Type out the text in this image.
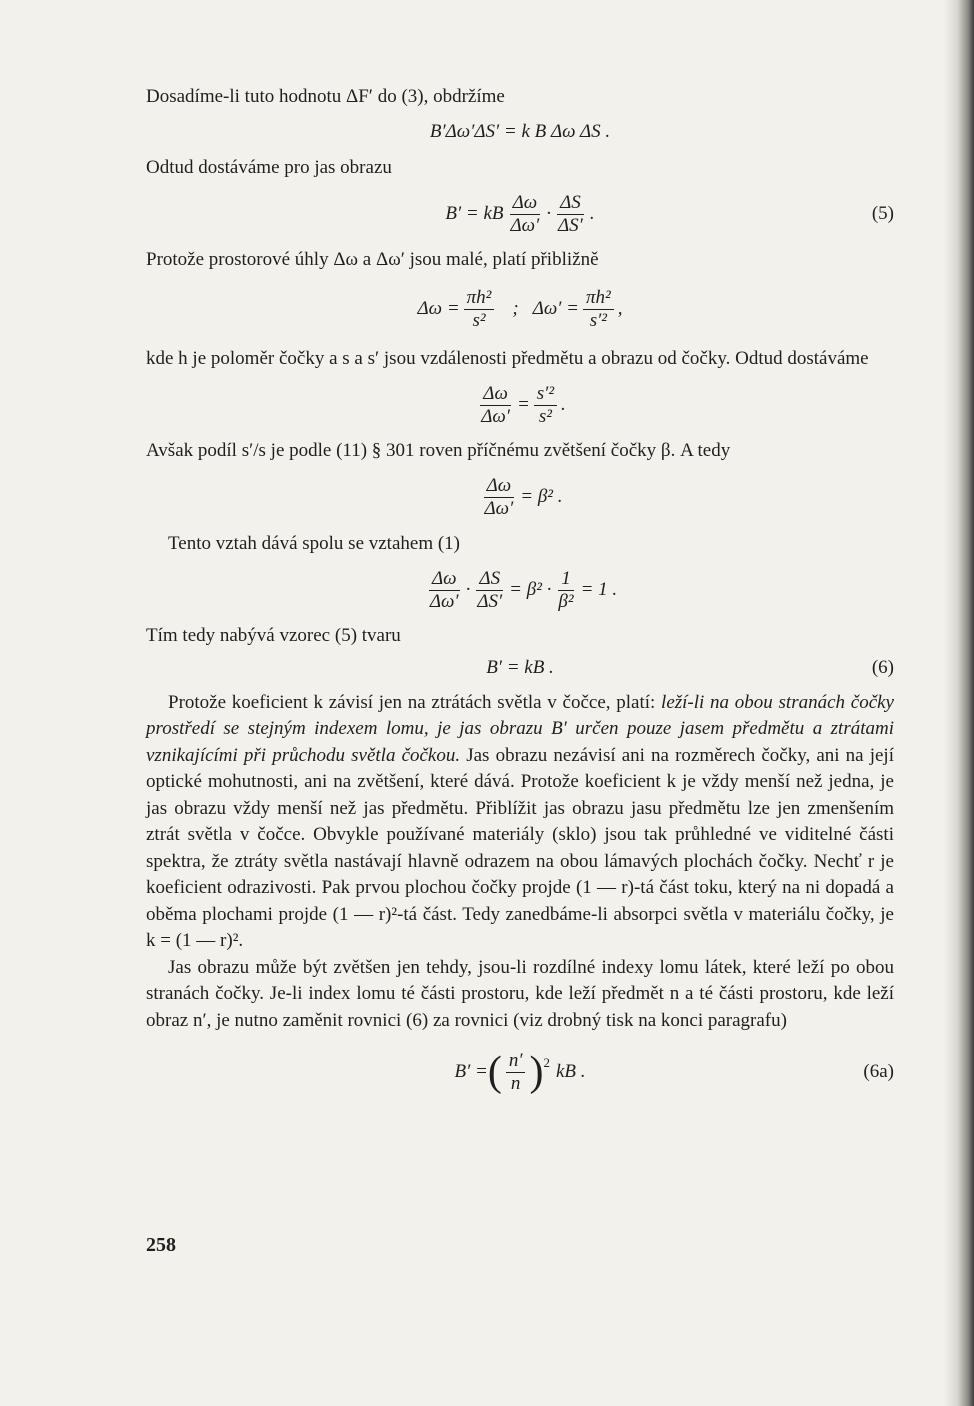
Dosadíme-li tuto hodnotu ΔF′ do (3), obdržíme

B′Δω′ΔS′ = k B Δω ΔS .

Odtud dostáváme pro jas obrazu

B′ = kB $\frac{\Delta\omega}{\Delta\omega'} \cdot \frac{\Delta S}{\Delta S'}$ .	(5)

Protože prostorové úhly Δω a Δω′ jsou malé, platí přibližně

$\Delta\omega = \frac{\text{πh²}}{\text{s²}}$ ; $\Delta\omega' = \frac{\text{πh²}}{\text{s′²}}$ ,

kde h je poloměr čočky a s a s′ jsou vzdálenosti předmětu a obrazu od čočky. Odtud dostáváme

$\frac{\Delta\omega}{\Delta\omega'} = \frac{\text{s′²}}{\text{s²}}$ .

Avšak podíl s′/s je podle (11) § 301 roven příčnému zvětšení čočky β. A tedy

$\frac{\Delta\omega}{\Delta\omega'} = \beta^2$ .

Tento vztah dává spolu se vztahem (1)

$\frac{\Delta\omega}{\Delta\omega'} \cdot \frac{\Delta S}{\Delta S'} = \beta^2 \cdot \frac{1}{\text{β²}} = 1$ .

Tím tedy nabývá vzorec (5) tvaru

B′ = kB .	(6)

Protože koeficient k závisí jen na ztrátách světla v čočce, platí: leží-li na obou stranách čočky prostředí se stejným indexem lomu, je jas obrazu B′ určen pouze jasem předmětu a ztrátami vznikajícími při průchodu světla čočkou. Jas obrazu nezávisí ani na rozměrech čočky, ani na její optické mohutnosti, ani na zvětšení, které dává. Protože koeficient k je vždy menší než jedna, je jas obrazu vždy menší než jas předmětu. Přiblížit jas obrazu jasu předmětu lze jen zmenšením ztrát světla v čočce. Obvykle používané materiály (sklo) jsou tak průhledné ve viditelné části spektra, že ztráty světla nastávají hlavně odrazem na obou lámavých plochách čočky. Nechť r je koeficient odrazivosti. Pak prvou plochou čočky projde (1 — r)-tá část toku, který na ni dopadá a oběma plochami projde (1 — r)²-tá část. Tedy zanedbáme-li absorpci světla v materiálu čočky, je k = (1 — r)².

Jas obrazu může být zvětšen jen tehdy, jsou-li rozdílné indexy lomu látek, které leží po obou stranách čočky. Je-li index lomu té části prostoru, kde leží předmět n a té části prostoru, kde leží obraz n′, je nutno zaměnit rovnici (6) za rovnici (viz drobný tisk na konci paragrafu)

B′ = ( $\frac{n'}{n} )^2$ kB .	(6a)
258
